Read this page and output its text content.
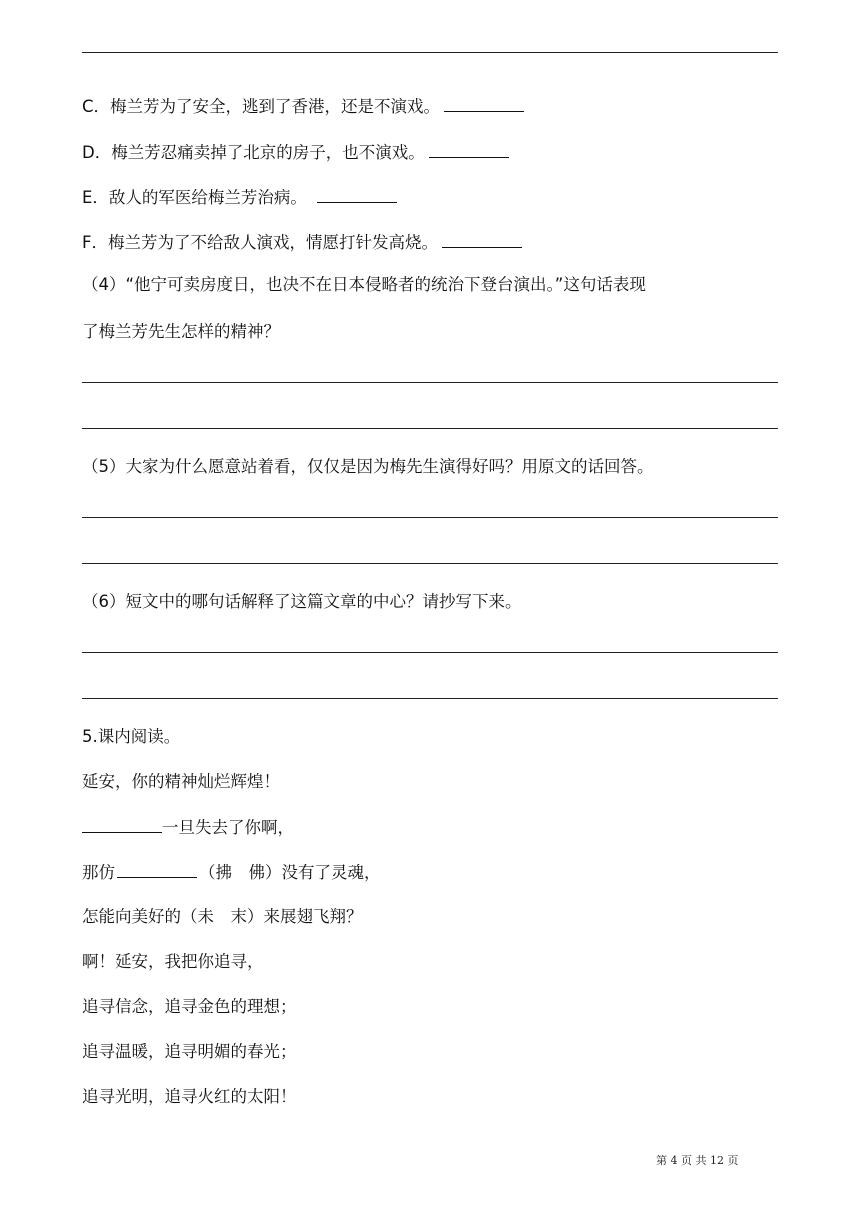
C．梅兰芳为了安全，逃到了香港，还是不演戏。
D．梅兰芳忍痛卖掉了北京的房子，也不演戏。
E．敌人的军医给梅兰芳治病。
F．梅兰芳为了不给敌人演戏，情愿打针发高烧。
（4）“他宁可卖房度日，也决不在日本侵略者的统治下登台演出。”这句话表现
了梅兰芳先生怎样的精神？
（5）大家为什么愿意站着看，仅仅是因为梅先生演得好吗？用原文的话回答。
（6）短文中的哪句话解释了这篇文章的中心？请抄写下来。
5.课内阅读。
延安，你的精神灿烂辉煌！
一旦失去了你啊，
那仿	（拂　佛）没有了灵魂，
怎能向美好的（未　末）来展翅飞翔？
啊！延安，我把你追寻，
追寻信念，追寻金色的理想；
追寻温暖，追寻明媚的春光；
追寻光明，追寻火红的太阳！
第 4 页 共 12 页
